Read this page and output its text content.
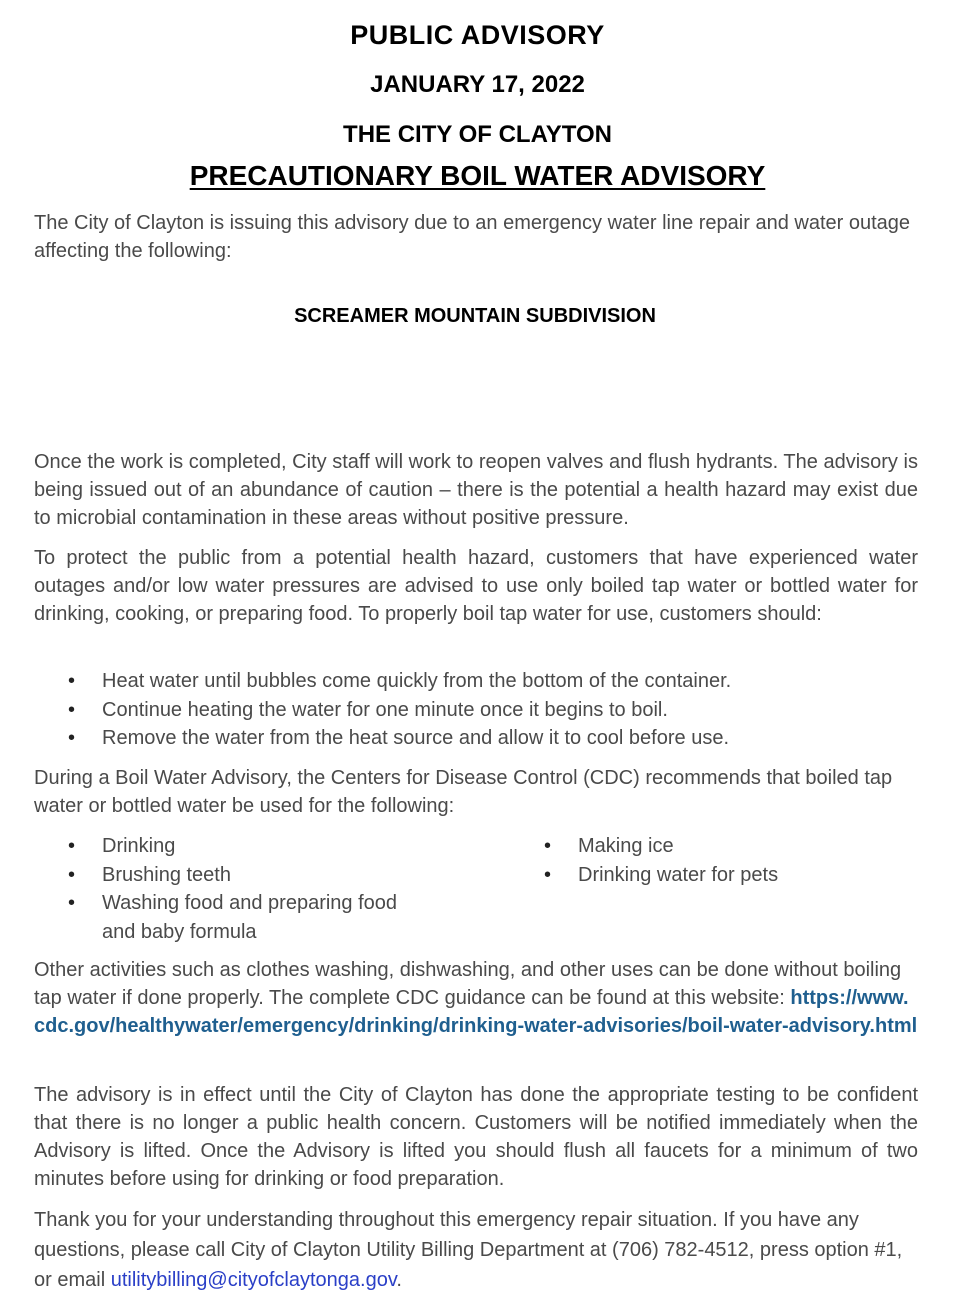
PUBLIC ADVISORY
JANUARY 17, 2022
THE CITY OF CLAYTON
PRECAUTIONARY BOIL WATER ADVISORY

The City of Clayton is issuing this advisory due to an emergency water line repair and water outage affecting the following:

SCREAMER MOUNTAIN SUBDIVISION

Once the work is completed, City staff will work to reopen valves and flush hydrants. The advisory is being issued out of an abundance of caution – there is the potential a health hazard may exist due to microbial contamination in these areas without positive pressure.

To protect the public from a potential health hazard, customers that have experienced water outages and/or low water pressures are advised to use only boiled tap water or bottled water for drinking, cooking, or preparing food. To properly boil tap water for use, customers should:

• Heat water until bubbles come quickly from the bottom of the container.
• Continue heating the water for one minute once it begins to boil.
• Remove the water from the heat source and allow it to cool before use.

During a Boil Water Advisory, the Centers for Disease Control (CDC) recommends that boiled tap water or bottled water be used for the following:

• Drinking
• Brushing teeth
• Washing food and preparing food and baby formula
• Making ice
• Drinking water for pets
Other activities such as clothes washing, dishwashing, and other uses can be done without boiling tap water if done properly. The complete CDC guidance can be found at this website: https://www.cdc.gov/healthywater/emergency/drinking/drinking-water-advisories/boil-water-advisory.html

The advisory is in effect until the City of Clayton has done the appropriate testing to be confident that there is no longer a public health concern. Customers will be notified immediately when the Advisory is lifted. Once the Advisory is lifted you should flush all faucets for a minimum of two minutes before using for drinking or food preparation.

Thank you for your understanding throughout this emergency repair situation. If you have any questions, please call City of Clayton Utility Billing Department at (706) 782-4512, press option #1, or email utilitybilling@cityofclaytonga.gov.
